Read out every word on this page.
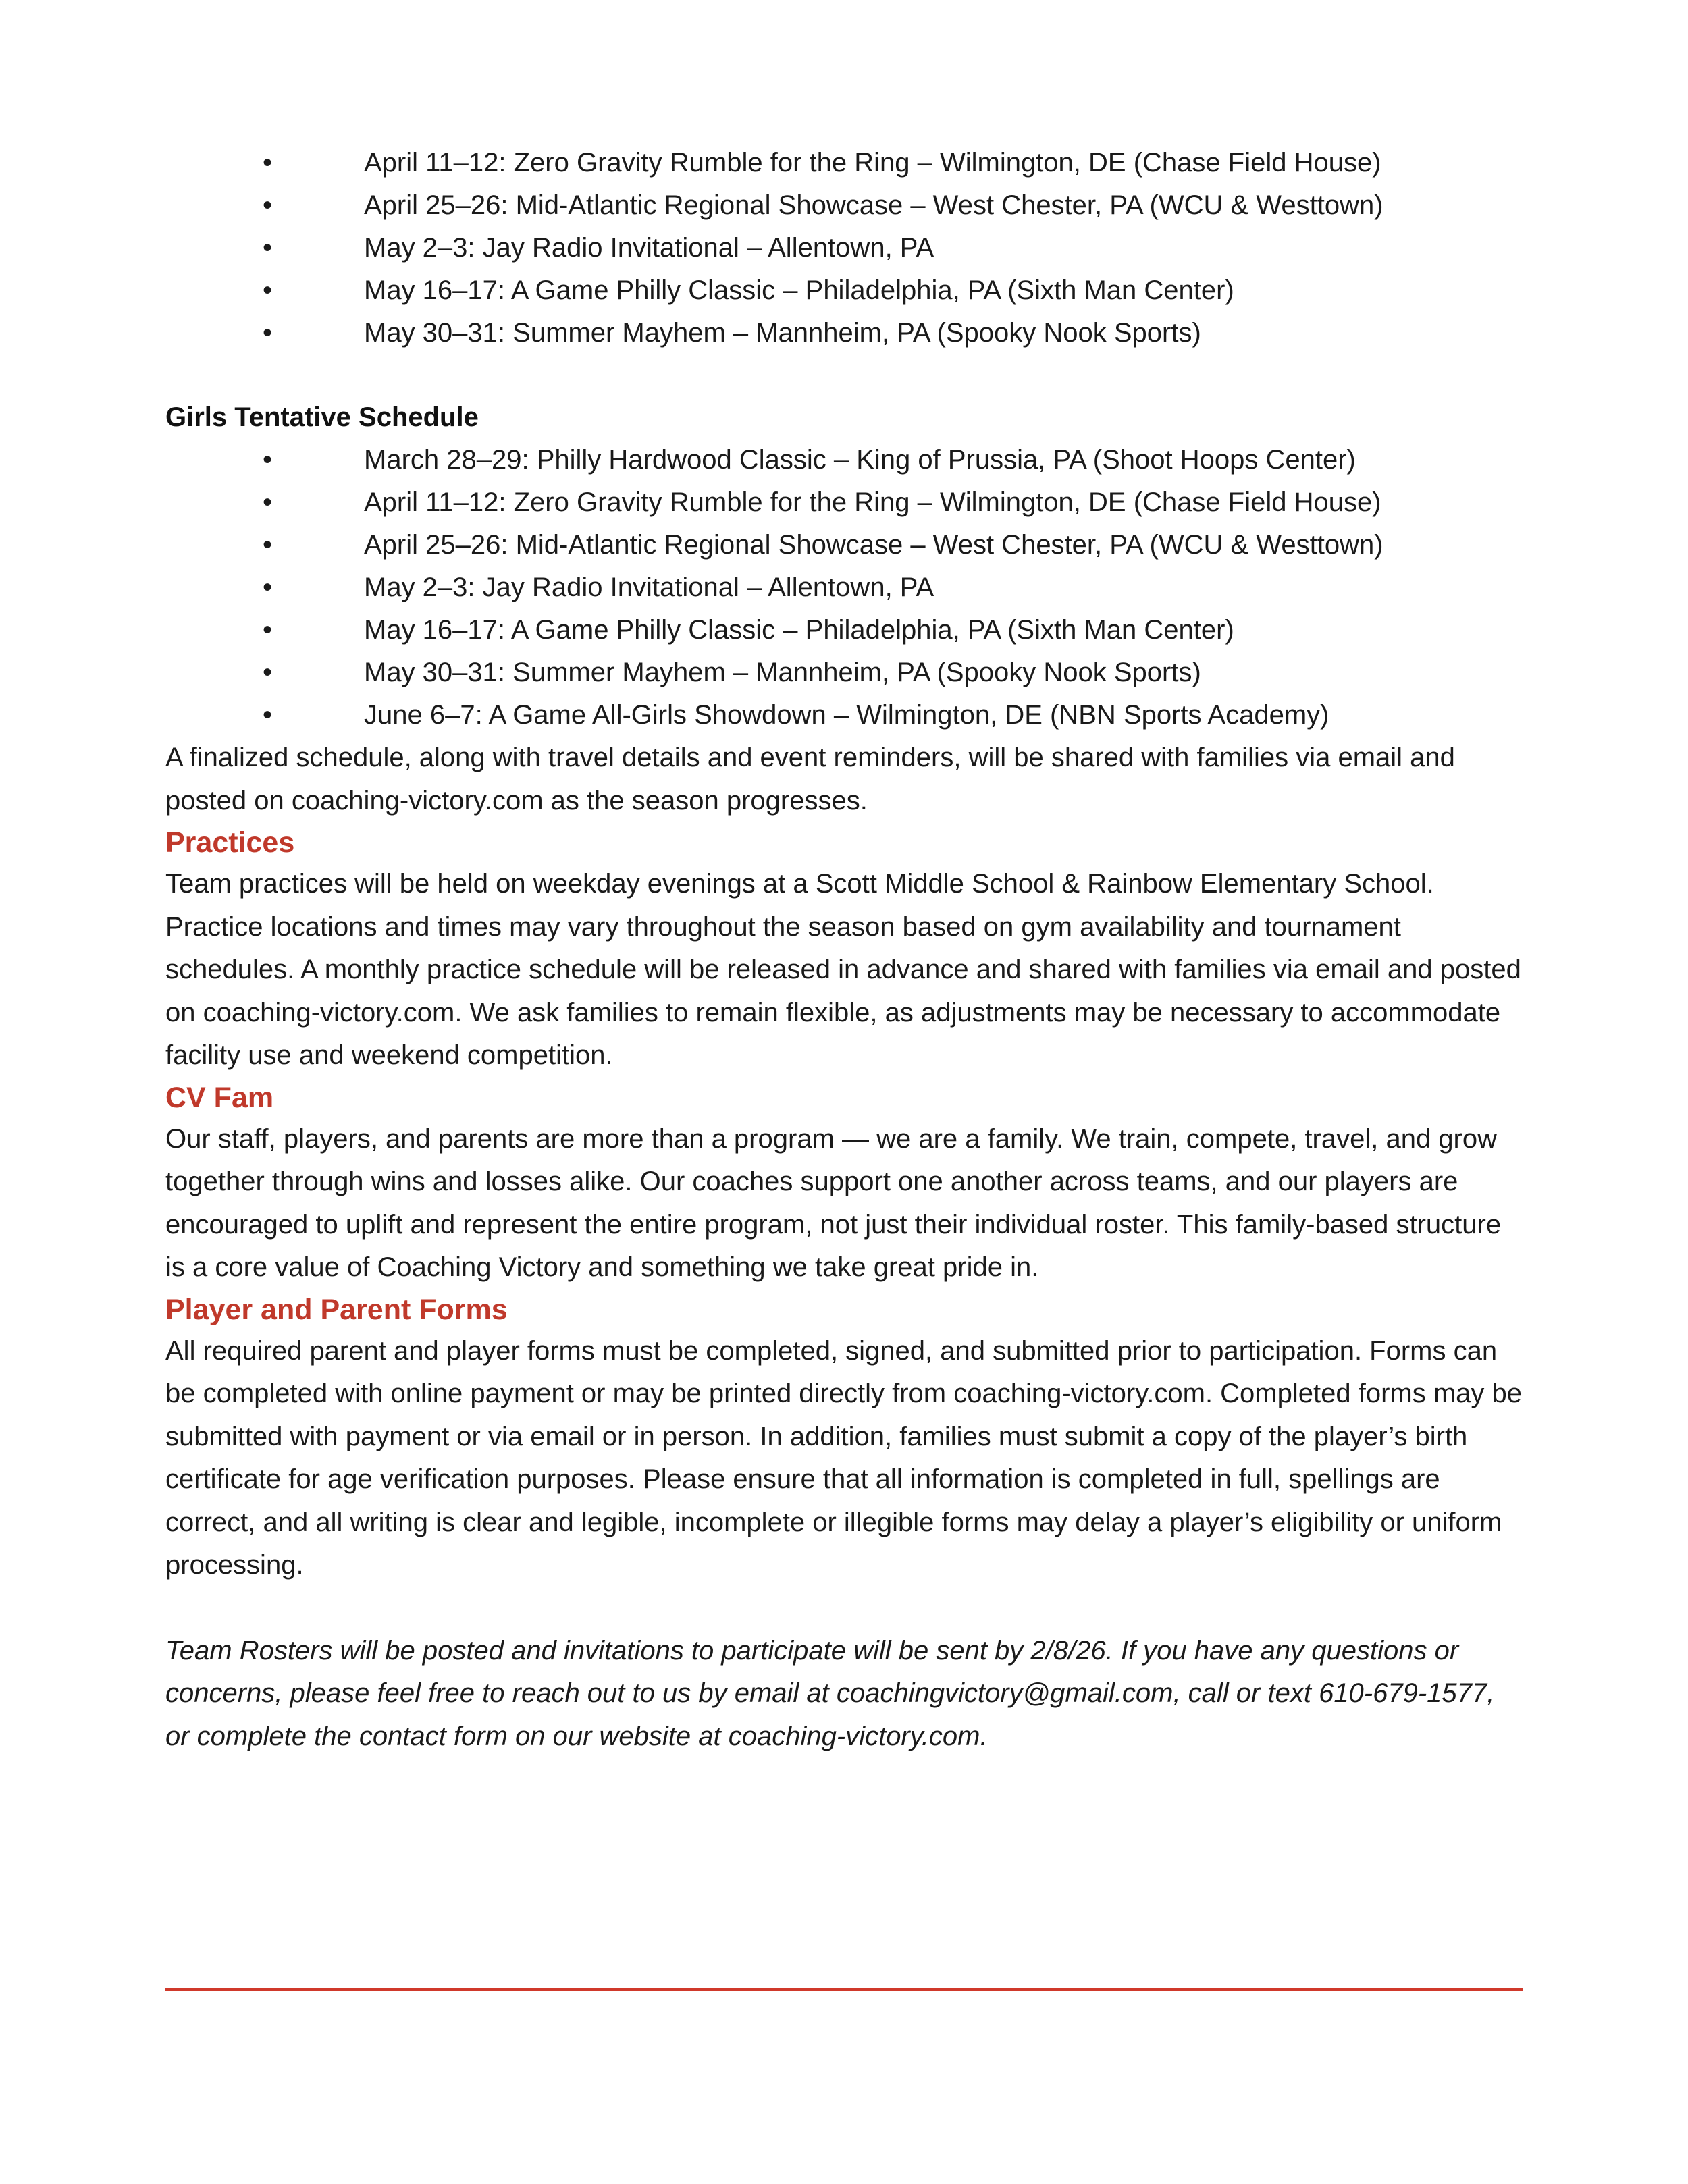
•	April 11–12: Zero Gravity Rumble for the Ring – Wilmington, DE (Chase Field House)
•	April 25–26: Mid-Atlantic Regional Showcase – West Chester, PA (WCU & Westtown)
•	May 2–3: Jay Radio Invitational – Allentown, PA
•	May 16–17: A Game Philly Classic – Philadelphia, PA (Sixth Man Center)
•	May 30–31: Summer Mayhem – Mannheim, PA (Spooky Nook Sports)
Girls Tentative Schedule
•	March 28–29: Philly Hardwood Classic – King of Prussia, PA (Shoot Hoops Center)
•	April 11–12: Zero Gravity Rumble for the Ring – Wilmington, DE (Chase Field House)
•	April 25–26: Mid-Atlantic Regional Showcase – West Chester, PA (WCU & Westtown)
•	May 2–3: Jay Radio Invitational – Allentown, PA
•	May 16–17: A Game Philly Classic – Philadelphia, PA (Sixth Man Center)
•	May 30–31: Summer Mayhem – Mannheim, PA (Spooky Nook Sports)
•	June 6–7: A Game All-Girls Showdown – Wilmington, DE (NBN Sports Academy)

A finalized schedule, along with travel details and event reminders, will be shared with families via email and posted on coaching-victory.com as the season progresses.

Practices

Team practices will be held on weekday evenings at a Scott Middle School & Rainbow Elementary School. Practice locations and times may vary throughout the season based on gym availability and tournament schedules. A monthly practice schedule will be released in advance and shared with families via email and posted on coaching-victory.com. We ask families to remain flexible, as adjustments may be necessary to accommodate facility use and weekend competition.

CV Fam

Our staff, players, and parents are more than a program — we are a family. We train, compete, travel, and grow together through wins and losses alike. Our coaches support one another across teams, and our players are encouraged to uplift and represent the entire program, not just their individual roster. This family-based structure is a core value of Coaching Victory and something we take great pride in.

Player and Parent Forms

All required parent and player forms must be completed, signed, and submitted prior to participation. Forms can be completed with online payment or may be printed directly from coaching-victory.com. Completed forms may be submitted with payment or via email or in person. In addition, families must submit a copy of the player’s birth certificate for age verification purposes. Please ensure that all information is completed in full, spellings are correct, and all writing is clear and legible, incomplete or illegible forms may delay a player’s eligibility or uniform processing.

Team Rosters will be posted and invitations to participate will be sent by 2/8/26. If you have any questions or concerns, please feel free to reach out to us by email at coachingvictory@gmail.com, call or text 610-679-1577, or complete the contact form on our website at coaching-victory.com.
